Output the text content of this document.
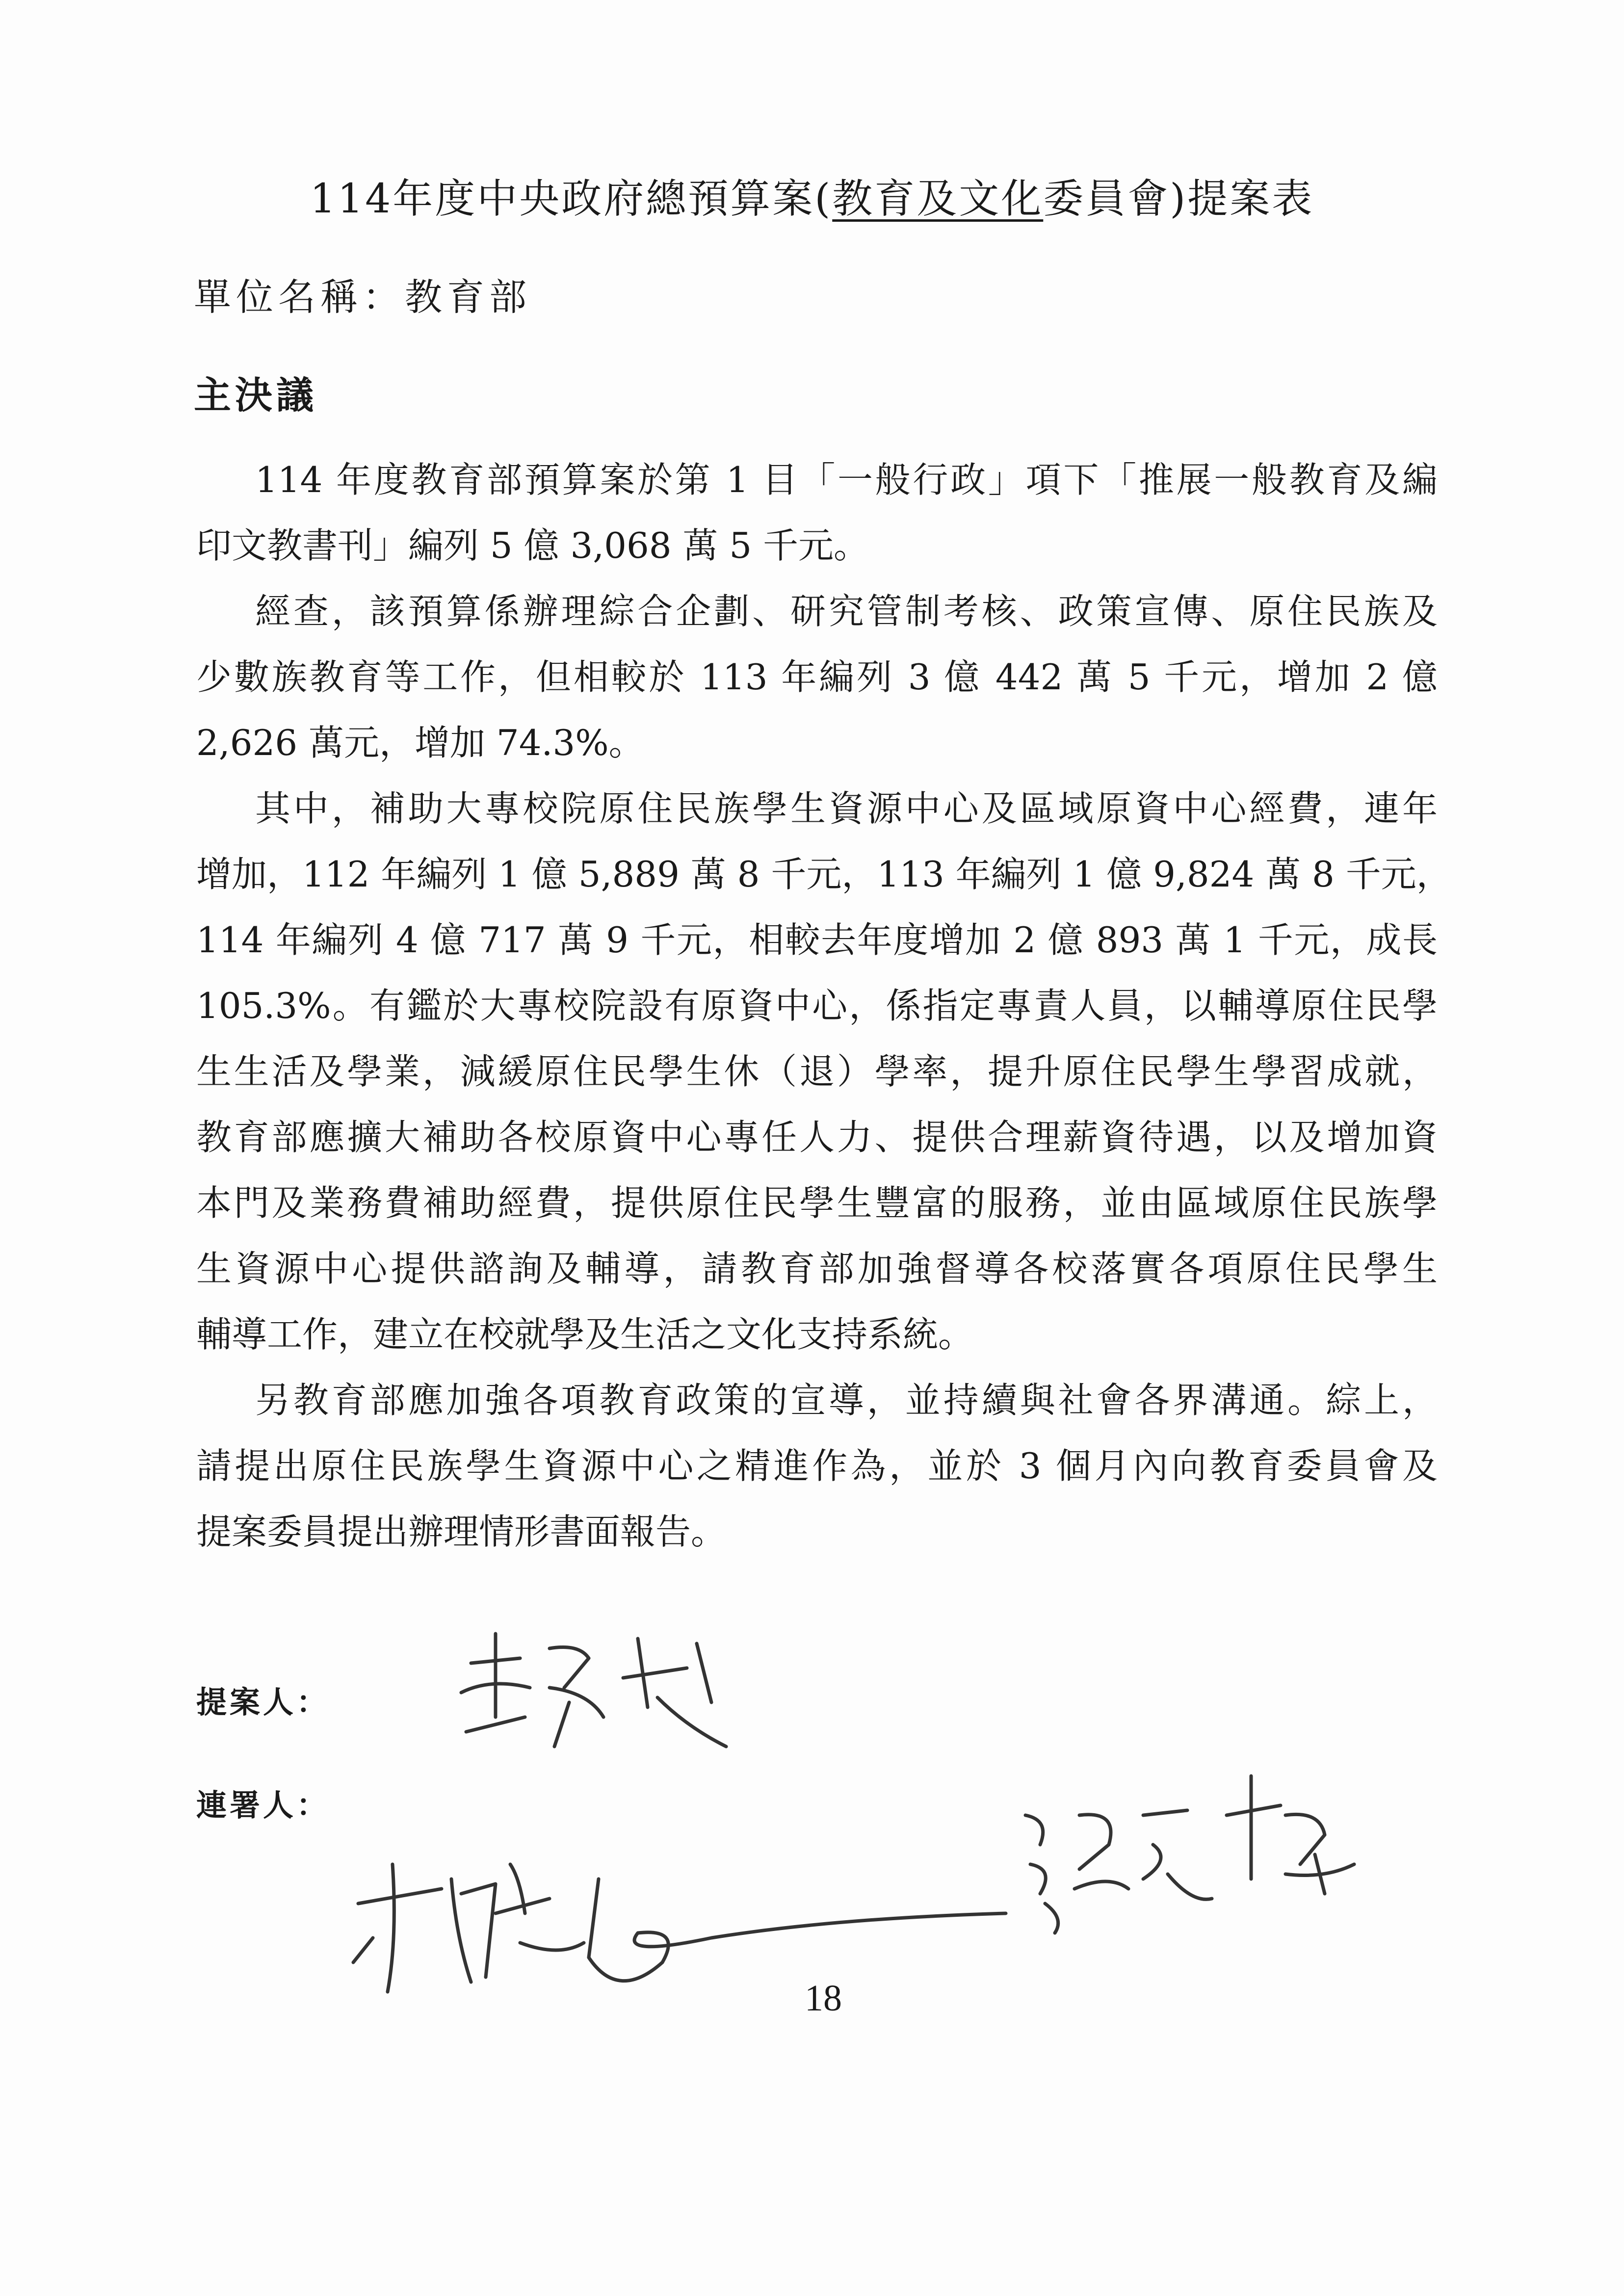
114年度中央政府總預算案(教育及文化委員會)提案表
單位名稱：教育部
主決議
114 年度教育部預算案於第 1 目「一般行政」項下「推展一般教育及編
印文教書刊」編列 5 億 3,068 萬 5 千元。
經查，該預算係辦理綜合企劃、研究管制考核、政策宣傳、原住民族及
少數族教育等工作，但相較於 113 年編列 3 億 442 萬 5 千元，增加 2 億
2,626 萬元，增加 74.3%。
其中，補助大專校院原住民族學生資源中心及區域原資中心經費，連年
增加，112 年編列 1 億 5,889 萬 8 千元，113 年編列 1 億 9,824 萬 8 千元，
114 年編列 4 億 717 萬 9 千元，相較去年度增加 2 億 893 萬 1 千元，成長
105.3%。有鑑於大專校院設有原資中心，係指定專責人員，以輔導原住民學
生生活及學業，減緩原住民學生休（退）學率，提升原住民學生學習成就，
教育部應擴大補助各校原資中心專任人力、提供合理薪資待遇，以及增加資
本門及業務費補助經費，提供原住民學生豐富的服務，並由區域原住民族學
生資源中心提供諮詢及輔導，請教育部加強督導各校落實各項原住民學生
輔導工作，建立在校就學及生活之文化支持系統。
另教育部應加強各項教育政策的宣導，並持續與社會各界溝通。綜上，
請提出原住民族學生資源中心之精進作為，並於 3 個月內向教育委員會及
提案委員提出辦理情形書面報告。
提案人：
連署人：
18
